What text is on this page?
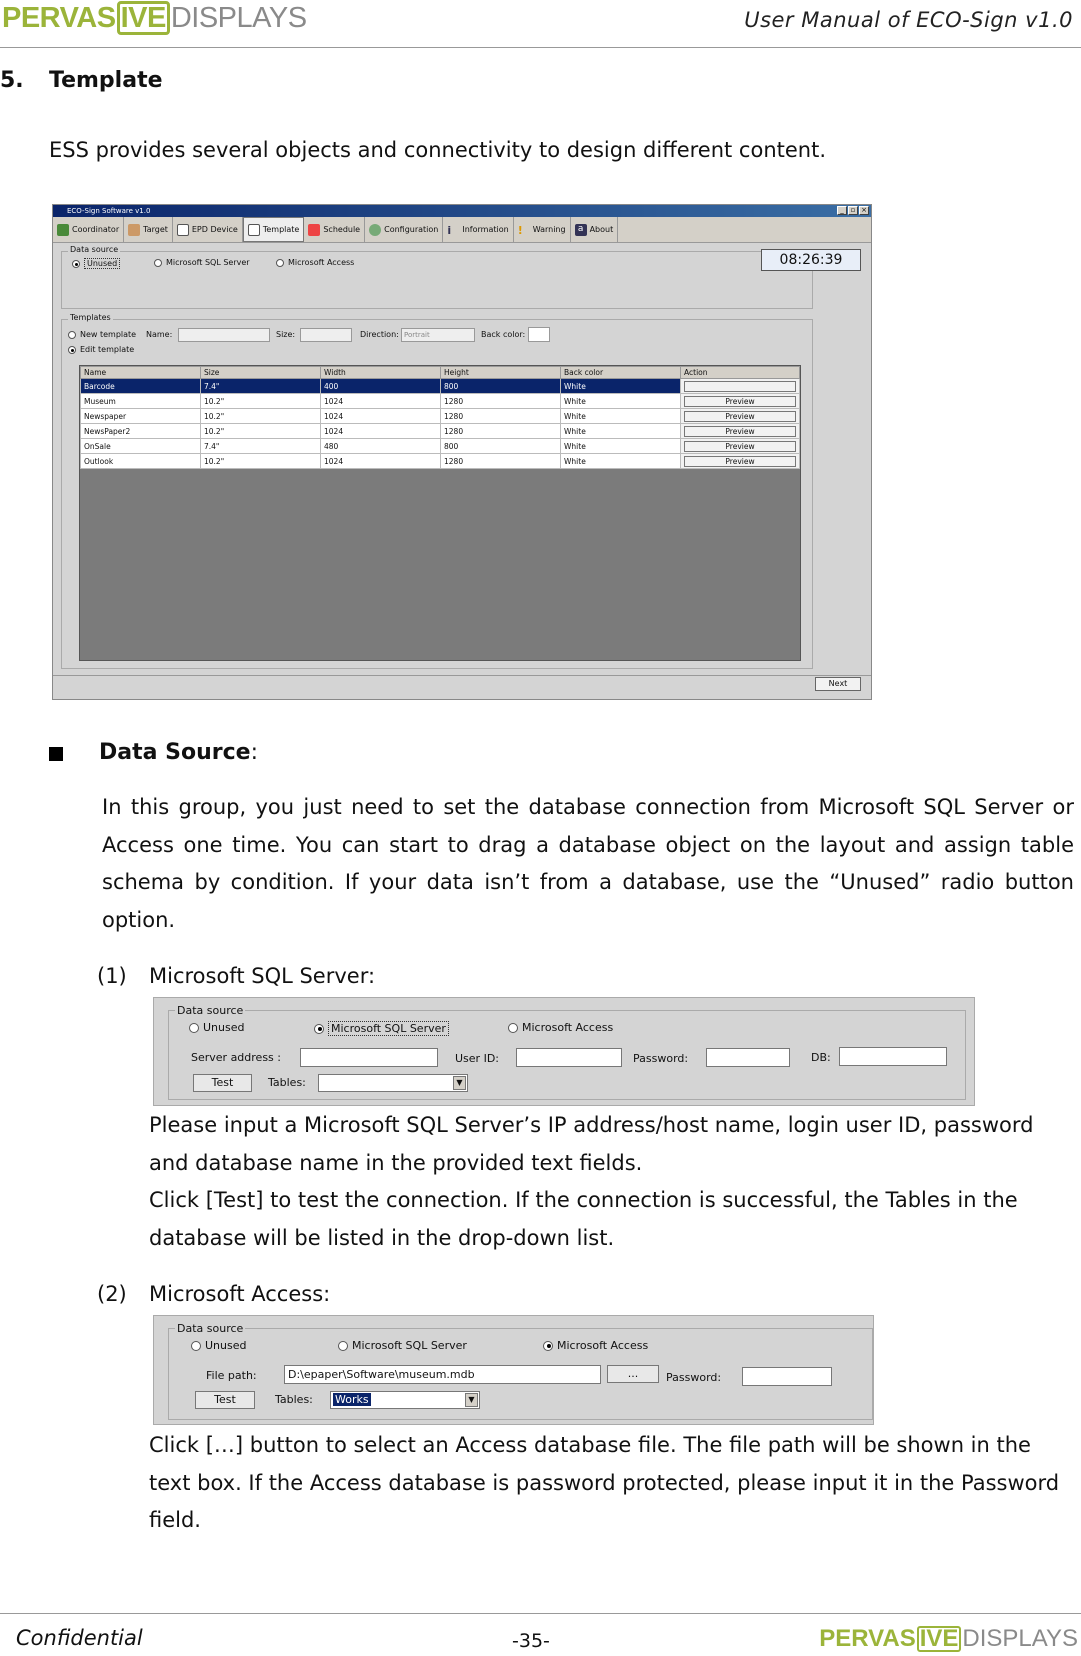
PERVAS IVE DISPLAYS	User Manual of ECO-Sign v1.0
5. Template
ESS provides several objects and connectivity to design different content.
ECO-Sign Software v1.0	_ ▫ ×
Coordinator	Target	EPD Device	Template	Schedule	Configuration i	Information !	Warning	a About
Data source
Unused	Microsoft SQL Server	Microsoft Access	08:26:39
Templates
New template
Edit template
Name:	Size:	Direction: Portrait	Back color:
Name	Size	Width	Height	Back color	Action
Barcode	7.4"	400	800	White	

Museum	10.2"	1024	1280	White	Preview

Newspaper	10.2"	1024	1280	White	Preview

NewsPaper2	10.2"	1024	1280	White	Preview

OnSale	7.4"	480	800	White	Preview

Outlook	10.2"	1024	1280	White	Preview
Next
Data Source:
In this group, you just need to set the database connection from Microsoft SQL Server or Access one time. You can start to drag a database object on the layout and assign table schema by condition. If your data isn’t from a database, use the “Unused” radio button option.
(1) Microsoft SQL Server:
Data source
Unused	Microsoft SQL Server	Microsoft Access
Server address :	User ID:	Password:	DB:
Test	Tables:	▼
Please input a Microsoft SQL Server’s IP address/host name, login user ID, password and database name in the provided text fields.
Click [Test] to test the connection. If the connection is successful, the Tables in the database will be listed in the drop-down list.
(2) Microsoft Access:
Data source
Unused	Microsoft SQL Server	Microsoft Access
File path:	D:\epaper\Software\museum.mdb	...	Password:
Test	Tables:	Works	▼
Click […] button to select an Access database file. The file path will be shown in the text box. If the Access database is password protected, please input it in the Password field.
Confidential	-35-	PERVAS IVE DISPLAYS
